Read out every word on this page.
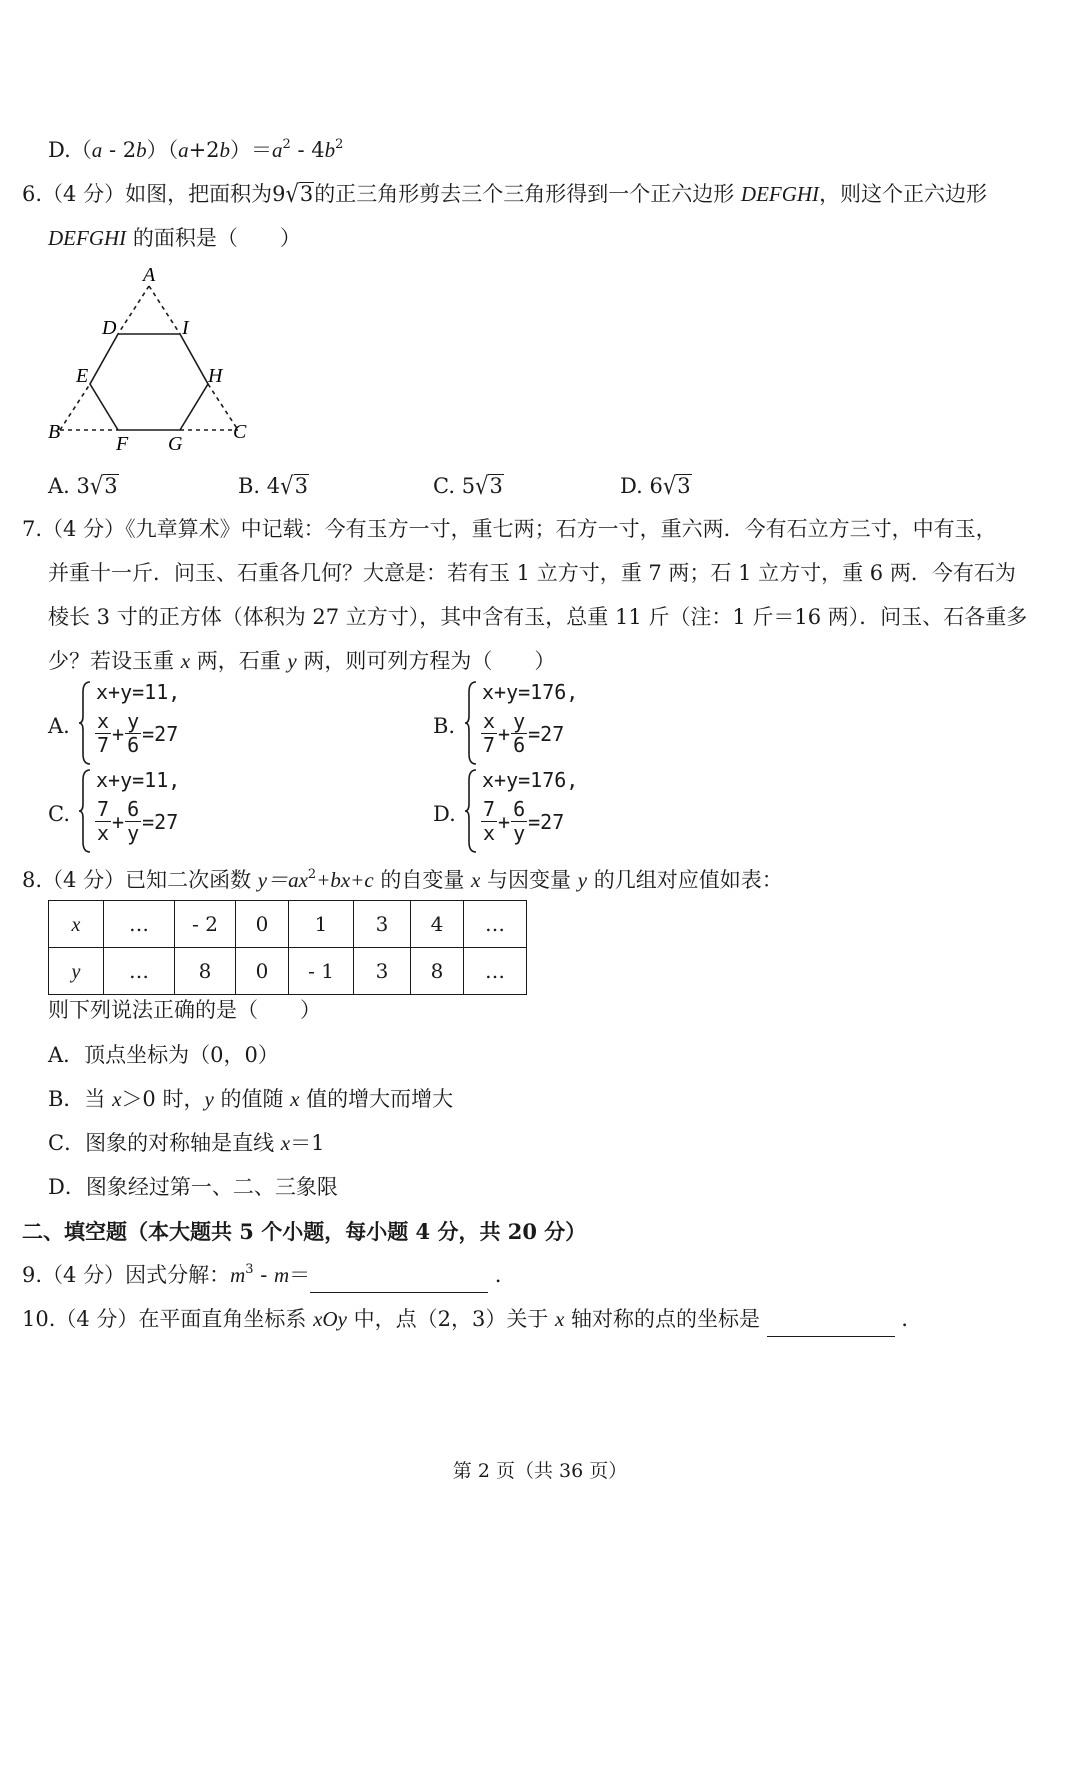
$D.(a - 2b)(a+2b)=a^2 - 4b^2$
6.（4 分）如图，把面积为9√3的正三角形剪去三个三角形得到一个正六边形 DEFGHI，则这个正六边形
DEFGHI 的面积是（　　）
A
B	C
D
E
F G
H
I
A. 3√3	B. 4√3	C. 5√3	D. 6√3
7.（4 分）《九章算术》中记载：今有玉方一寸，重七两；石方一寸，重六两．今有石立方三寸，中有玉，
并重十一斤．问玉、石重各几何？大意是：若有玉 1 立方寸，重 7 两；石 1 立方寸，重 6 两．今有石为
棱长 3 寸的正方体（体积为 27 立方寸），其中含有玉，总重 11 斤（注：1 斤＝16 两）．问玉、石各重多
少？若设玉重 x 两，石重 y 两，则可列方程为（　　）
A.
x+y=11,
$\frac{x}{7} + \frac{y}{6} =27$	B.
x+y=176,
$\frac{x}{7} + \frac{y}{6} =27$
C.
x+y=11,
$\frac{7}{x} + \frac{6}{y} =27$	D.
x+y=176,
$\frac{7}{x} + \frac{6}{y} =27$
8.（4 分）已知二次函数 $y=ax^2+bx+c$ 的自变量 x 与因变量 y 的几组对应值如表：
x	…	- 2	0	1	3	4	…
y	…	8	0	- 1	3	8	…
则下列说法正确的是（　　）
A．顶点坐标为（0，0）
B．当 x＞0 时，y 的值随 x 值的增大而增大
C．图象的对称轴是直线 x＝1
D．图象经过第一、二、三象限
二、填空题（本大题共 5 个小题，每小题 4 分，共 20 分）
9.（4 分）因式分解：$m^3 - m=$	．
10.（4 分）在平面直角坐标系 xOy 中，点（2，3）关于 x 轴对称的点的坐标是	．
第 2 页（共 36 页）
